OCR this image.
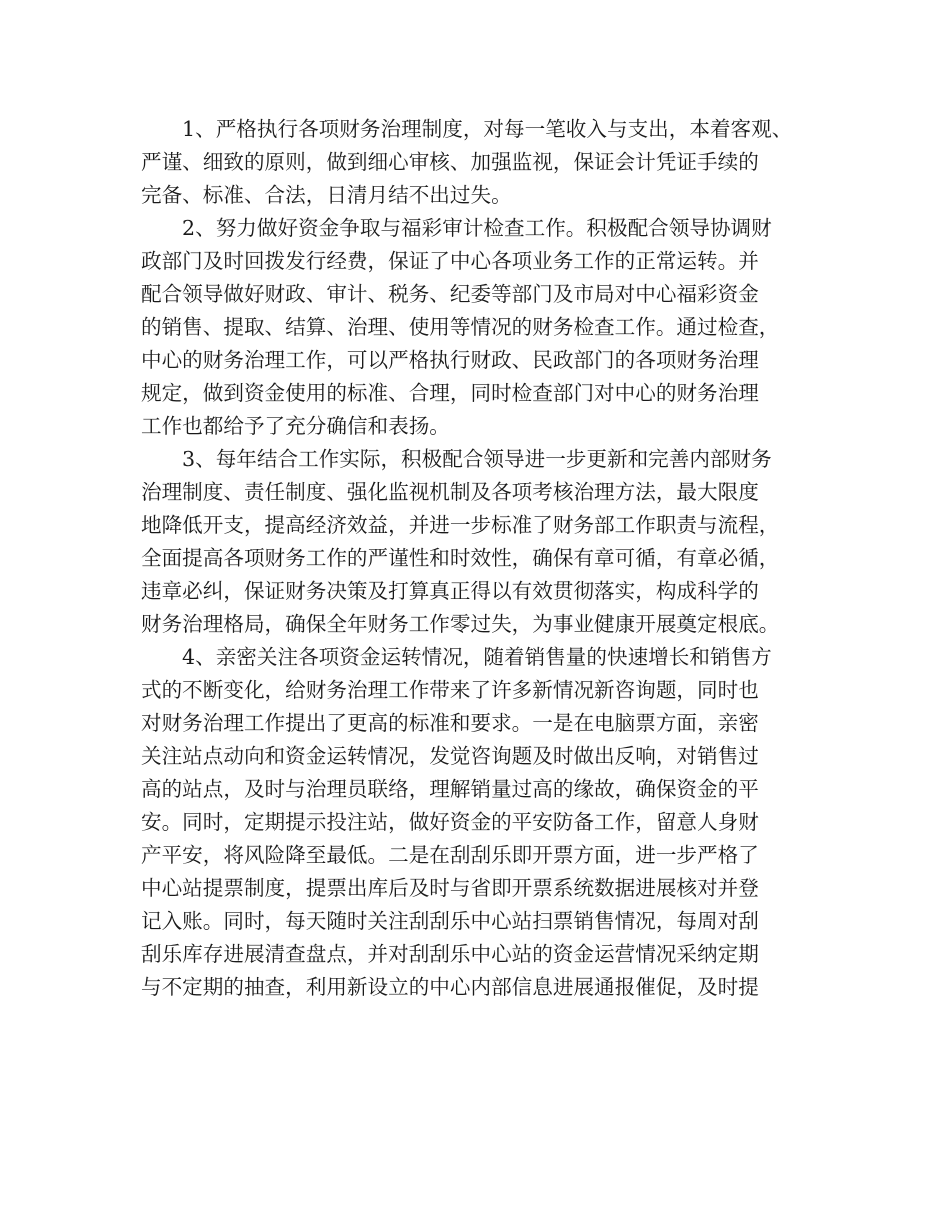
1、严格执行各项财务治理制度，对每一笔收入与支出，本着客观、
严谨、细致的原则，做到细心审核、加强监视，保证会计凭证手续的
完备、标准、合法，日清月结不出过失。
2、努力做好资金争取与福彩审计检查工作。积极配合领导协调财
政部门及时回拨发行经费，保证了中心各项业务工作的正常运转。并
配合领导做好财政、审计、税务、纪委等部门及市局对中心福彩资金
的销售、提取、结算、治理、使用等情况的财务检查工作。通过检查，
中心的财务治理工作，可以严格执行财政、民政部门的各项财务治理
规定，做到资金使用的标准、合理，同时检查部门对中心的财务治理
工作也都给予了充分确信和表扬。
3、每年结合工作实际，积极配合领导进一步更新和完善内部财务
治理制度、责任制度、强化监视机制及各项考核治理方法，最大限度
地降低开支，提高经济效益，并进一步标准了财务部工作职责与流程，
全面提高各项财务工作的严谨性和时效性，确保有章可循，有章必循，
违章必纠，保证财务决策及打算真正得以有效贯彻落实，构成科学的
财务治理格局，确保全年财务工作零过失，为事业健康开展奠定根底。
4、亲密关注各项资金运转情况，随着销售量的快速增长和销售方
式的不断变化，给财务治理工作带来了许多新情况新咨询题，同时也
对财务治理工作提出了更高的标准和要求。一是在电脑票方面，亲密
关注站点动向和资金运转情况，发觉咨询题及时做出反响，对销售过
高的站点，及时与治理员联络，理解销量过高的缘故，确保资金的平
安。同时，定期提示投注站，做好资金的平安防备工作，留意人身财
产平安，将风险降至最低。二是在刮刮乐即开票方面，进一步严格了
中心站提票制度，提票出库后及时与省即开票系统数据进展核对并登
记入账。同时，每天随时关注刮刮乐中心站扫票销售情况，每周对刮
刮乐库存进展清查盘点，并对刮刮乐中心站的资金运营情况采纳定期
与不定期的抽查，利用新设立的中心内部信息进展通报催促，及时提
